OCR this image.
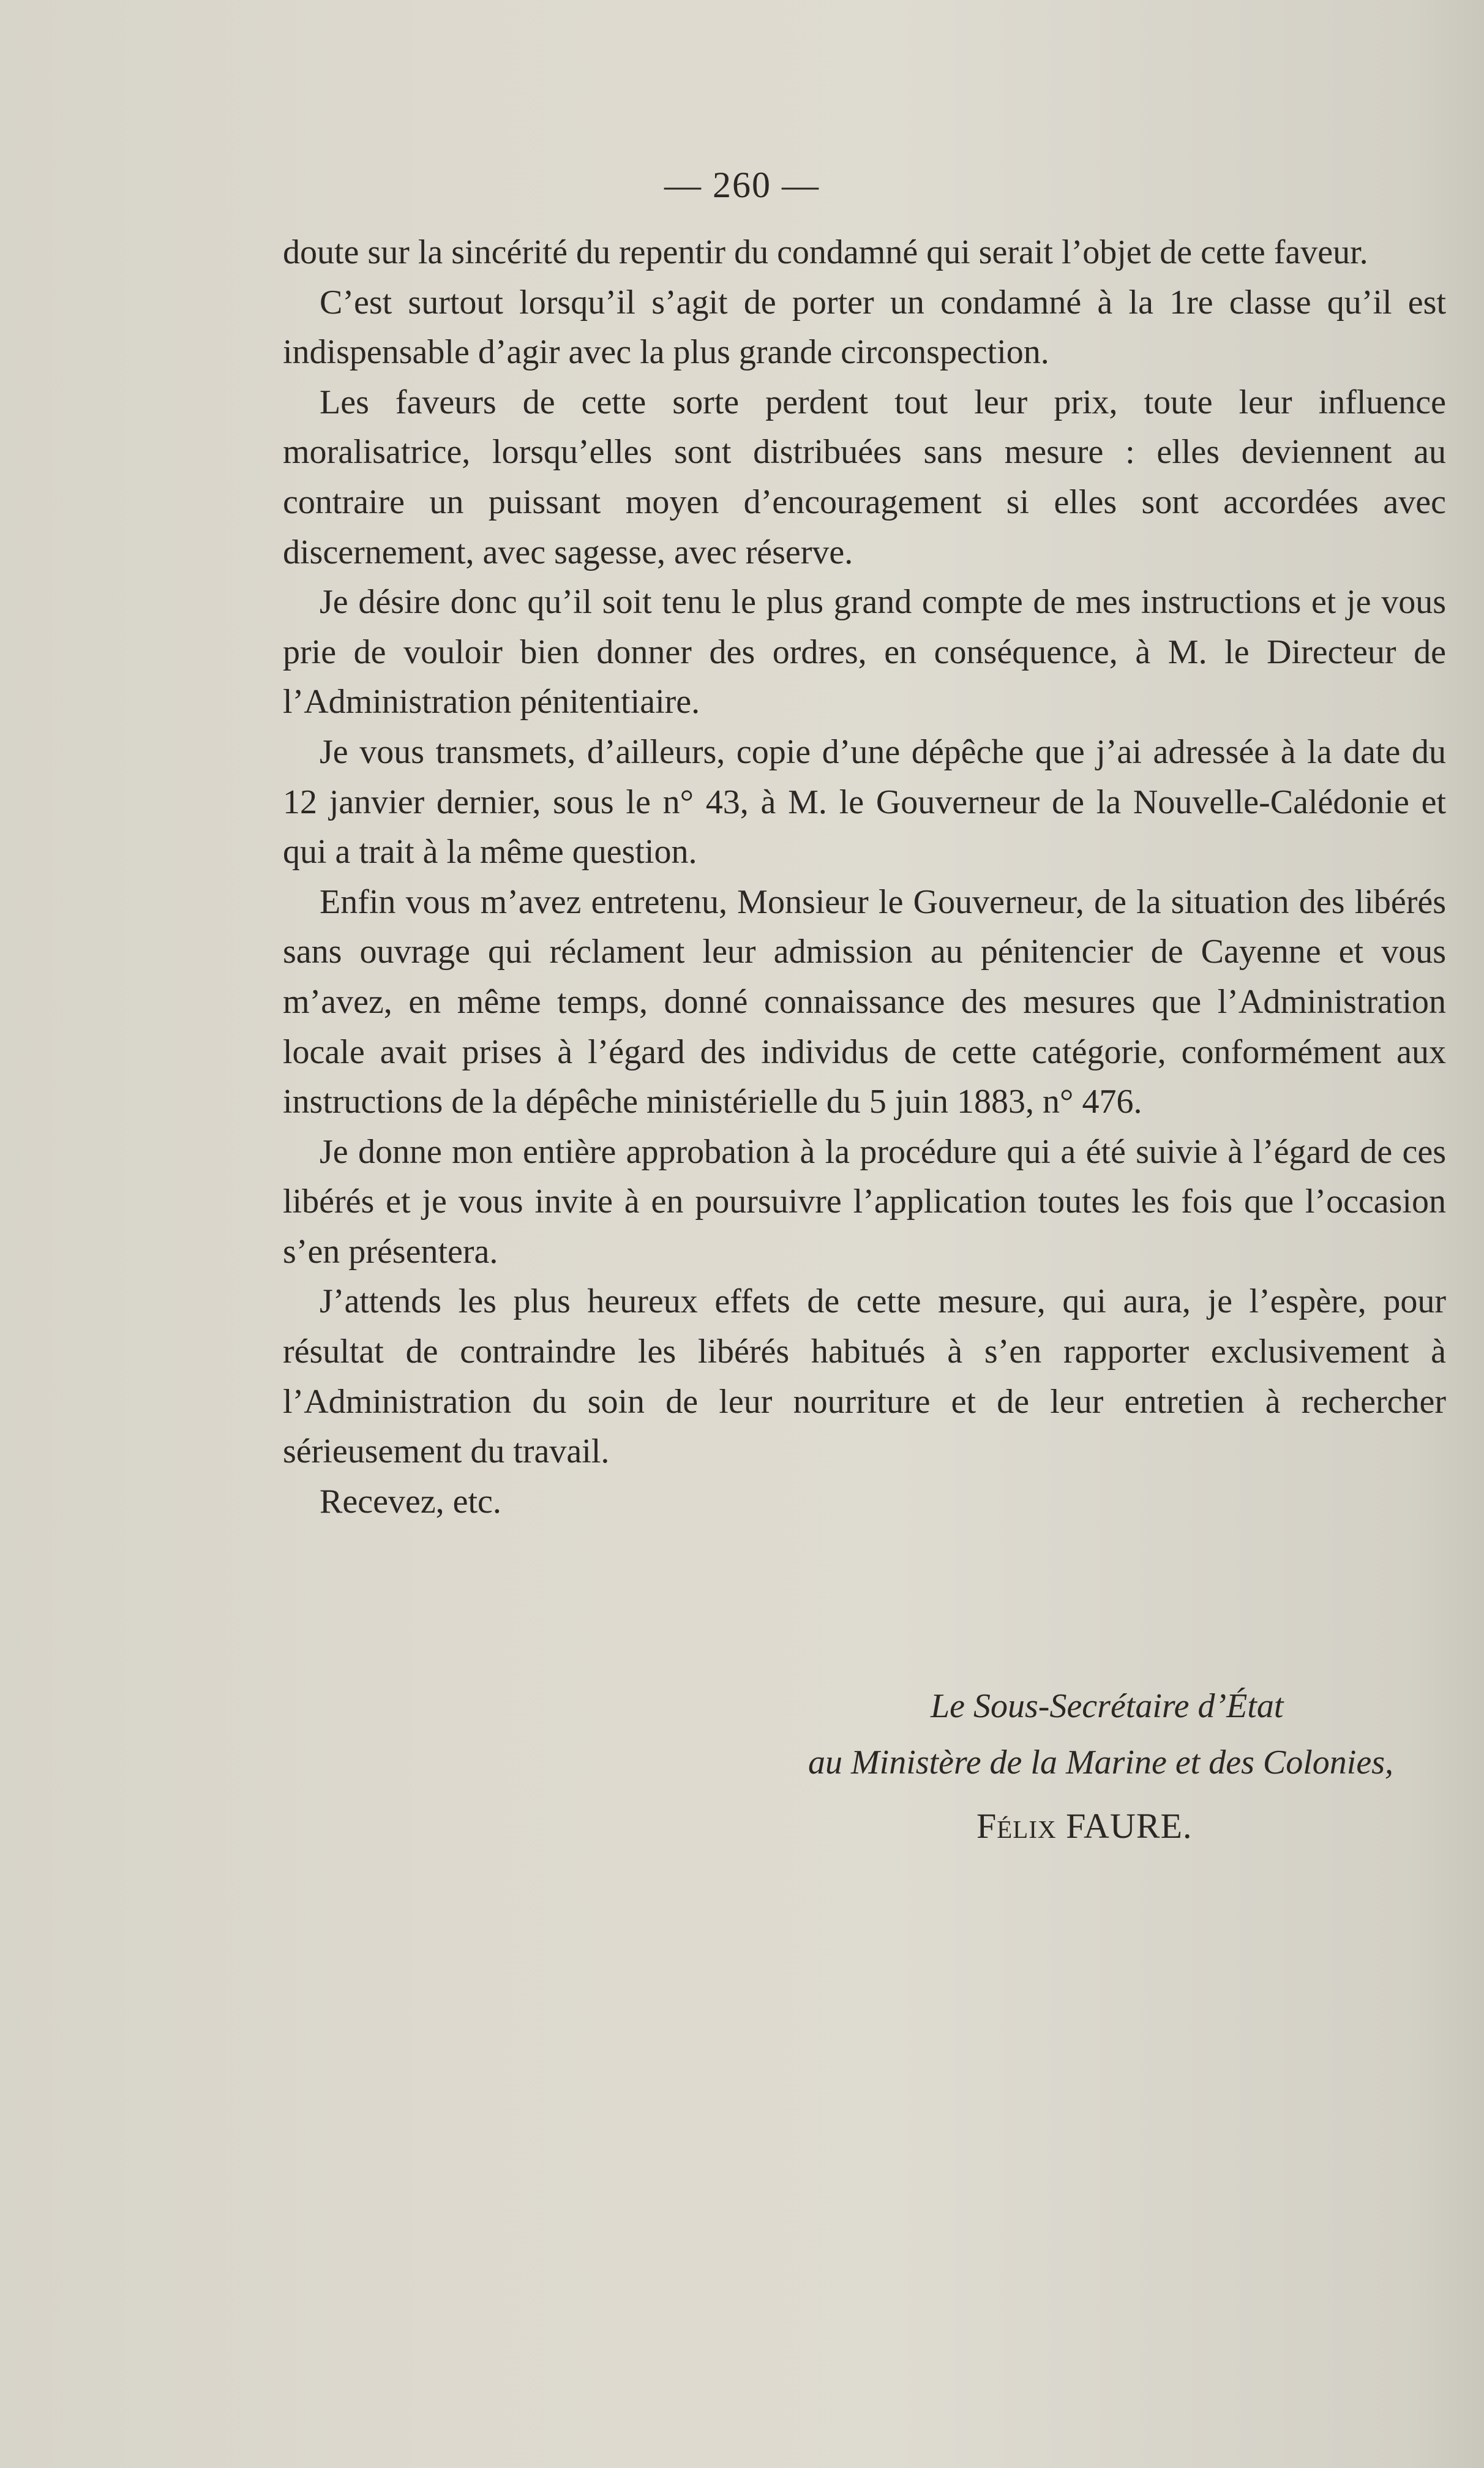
— 260 —

doute sur la sincérité du repentir du condamné qui serait l’objet de cette faveur.

C’est surtout lorsqu’il s’agit de porter un condamné à la 1re classe qu’il est indispensable d’agir avec la plus grande circonspection.

Les faveurs de cette sorte perdent tout leur prix, toute leur influence moralisatrice, lorsqu’elles sont distribuées sans mesure : elles deviennent au contraire un puissant moyen d’encouragement si elles sont accordées avec discernement, avec sagesse, avec réserve.

Je désire donc qu’il soit tenu le plus grand compte de mes instructions et je vous prie de vouloir bien donner des ordres, en conséquence, à M. le Directeur de l’Administration pénitentiaire.

Je vous transmets, d’ailleurs, copie d’une dépêche que j’ai adressée à la date du 12 janvier dernier, sous le n° 43, à M. le Gouverneur de la Nouvelle-Calédonie et qui a trait à la même question.

Enfin vous m’avez entretenu, Monsieur le Gouverneur, de la situation des libérés sans ouvrage qui réclament leur admission au pénitencier de Cayenne et vous m’avez, en même temps, donné connaissance des mesures que l’Administration locale avait prises à l’égard des individus de cette catégorie, conformément aux instructions de la dépêche ministérielle du 5 juin 1883, n° 476.

Je donne mon entière approbation à la procédure qui a été suivie à l’égard de ces libérés et je vous invite à en poursuivre l’application toutes les fois que l’occasion s’en présentera.

J’attends les plus heureux effets de cette mesure, qui aura, je l’espère, pour résultat de contraindre les libérés habitués à s’en rapporter exclusivement à l’Administration du soin de leur nourriture et de leur entretien à rechercher sérieusement du travail.

Recevez, etc.

Le Sous-Secrétaire d’État
au Ministère de la Marine et des Colonies,
Félix FAURE.
